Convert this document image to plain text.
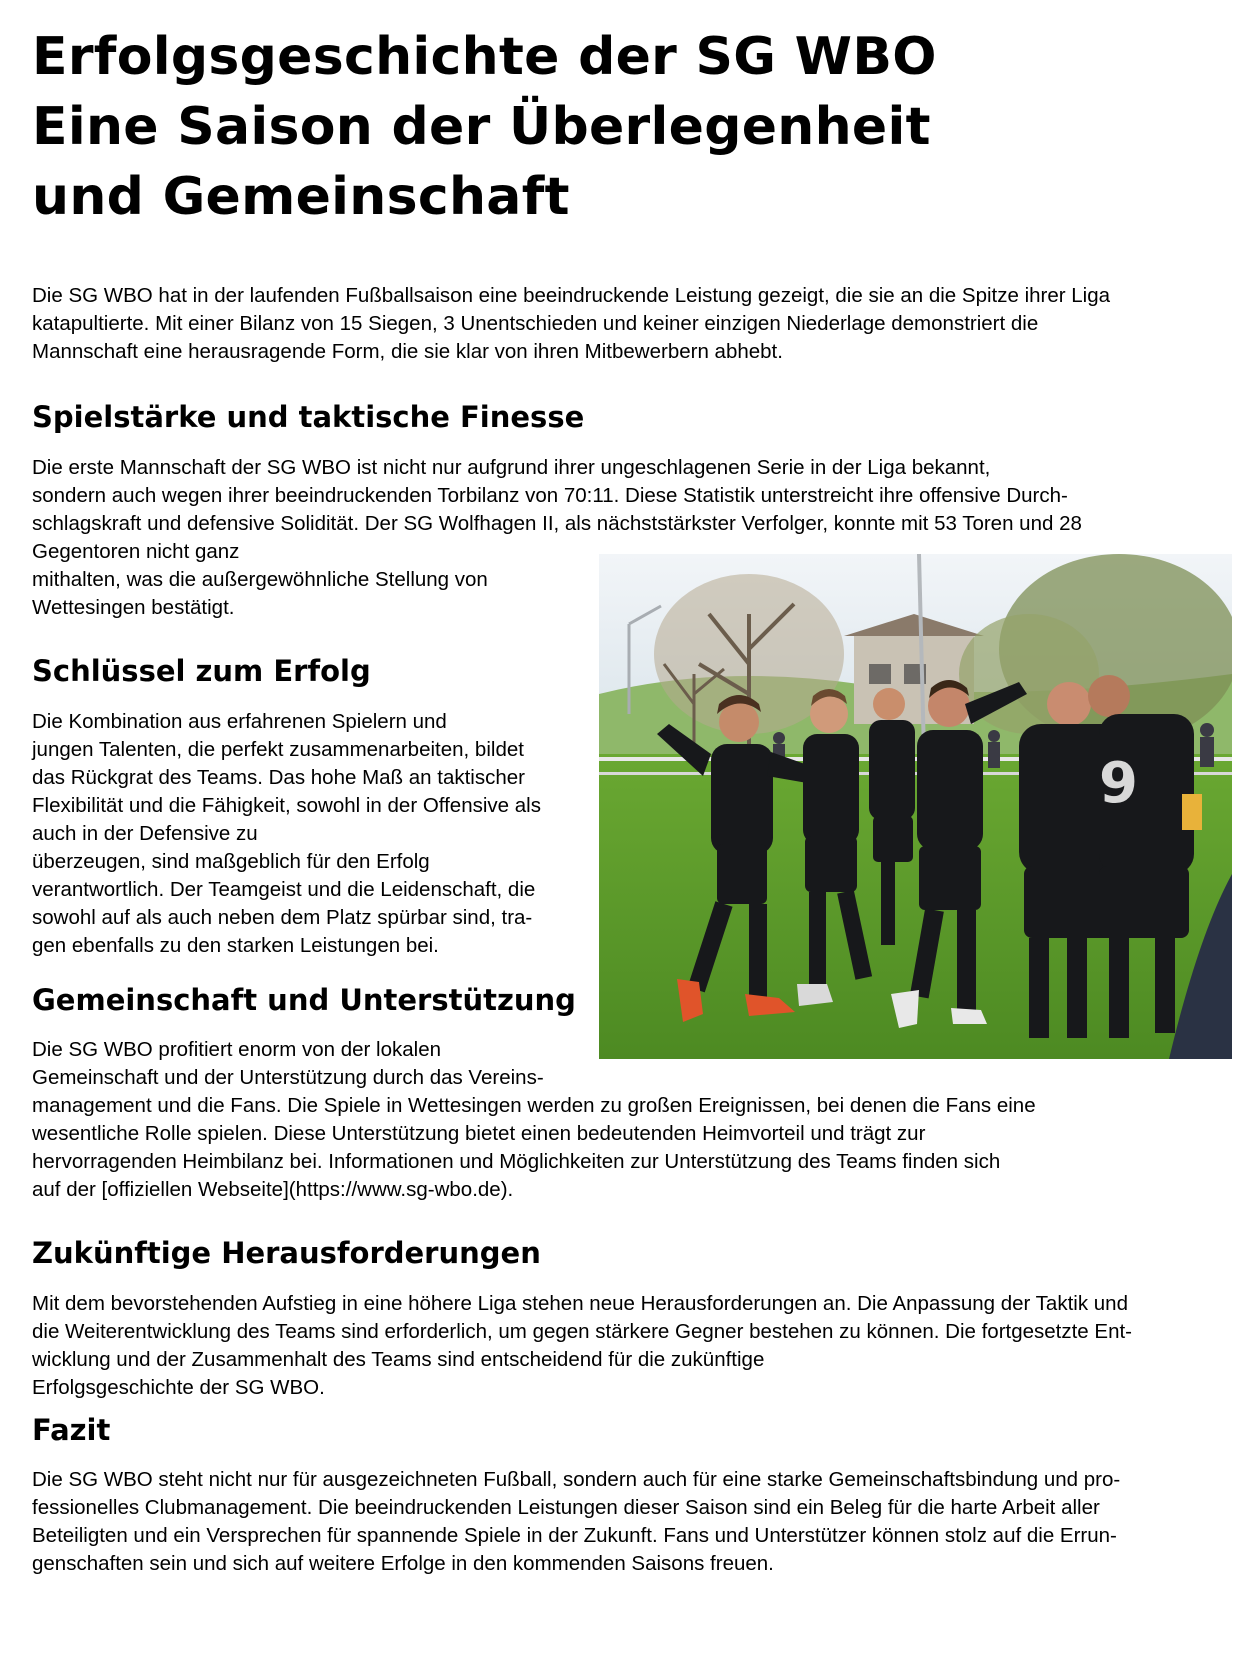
Erfolgsgeschichte der SG WBO
Eine Saison der Überlegenheit
und Gemeinschaft

Die SG WBO hat in der laufenden Fußballsaison eine beeindruckende Leistung gezeigt, die sie an die Spitze ihrer Liga
katapultierte. Mit einer Bilanz von 15 Siegen, 3 Unentschieden und keiner einzigen Niederlage demonstriert die
Mannschaft eine herausragende Form, die sie klar von ihren Mitbewerbern abhebt.

Spielstärke und taktische Finesse

Die erste Mannschaft der SG WBO ist nicht nur aufgrund ihrer ungeschlagenen Serie in der Liga bekannt,
sondern auch wegen ihrer beeindruckenden Torbilanz von 70:11. Diese Statistik unterstreicht ihre offensive Durch-
schlagskraft und defensive Solidität. Der SG Wolfhagen II, als nächststärkster Verfolger, konnte mit 53 Toren und 28
Gegentoren nicht ganz
mithalten, was die außergewöhnliche Stellung von
Wettesingen bestätigt.

Schlüssel zum Erfolg

Die Kombination aus erfahrenen Spielern und
jungen Talenten, die perfekt zusammenarbeiten, bildet
das Rückgrat des Teams. Das hohe Maß an taktischer
Flexibilität und die Fähigkeit, sowohl in der Offensive als
auch in der Defensive zu
überzeugen, sind maßgeblich für den Erfolg
verantwortlich. Der Teamgeist und die Leidenschaft, die
sowohl auf als auch neben dem Platz spürbar sind, tra-
gen ebenfalls zu den starken Leistungen bei.

Gemeinschaft und Unterstützung

Die SG WBO profitiert enorm von der lokalen
Gemeinschaft und der Unterstützung durch das Vereins-
management und die Fans. Die Spiele in Wettesingen werden zu großen Ereignissen, bei denen die Fans eine
wesentliche Rolle spielen. Diese Unterstützung bietet einen bedeutenden Heimvorteil und trägt zur
hervorragenden Heimbilanz bei. Informationen und Möglichkeiten zur Unterstützung des Teams finden sich
auf der [offiziellen Webseite](https://www.sg-wbo.de).

Zukünftige Herausforderungen

Mit dem bevorstehenden Aufstieg in eine höhere Liga stehen neue Herausforderungen an. Die Anpassung der Taktik und
die Weiterentwicklung des Teams sind erforderlich, um gegen stärkere Gegner bestehen zu können. Die fortgesetzte Ent-
wicklung und der Zusammenhalt des Teams sind entscheidend für die zukünftige
Erfolgsgeschichte der SG WBO.

Fazit

Die SG WBO steht nicht nur für ausgezeichneten Fußball, sondern auch für eine starke Gemeinschaftsbindung und pro-
fessionelles Clubmanagement. Die beeindruckenden Leistungen dieser Saison sind ein Beleg für die harte Arbeit aller
Beteiligten und ein Versprechen für spannende Spiele in der Zukunft. Fans und Unterstützer können stolz auf die Errun-
genschaften sein und sich auf weitere Erfolge in den kommenden Saisons freuen.

9
